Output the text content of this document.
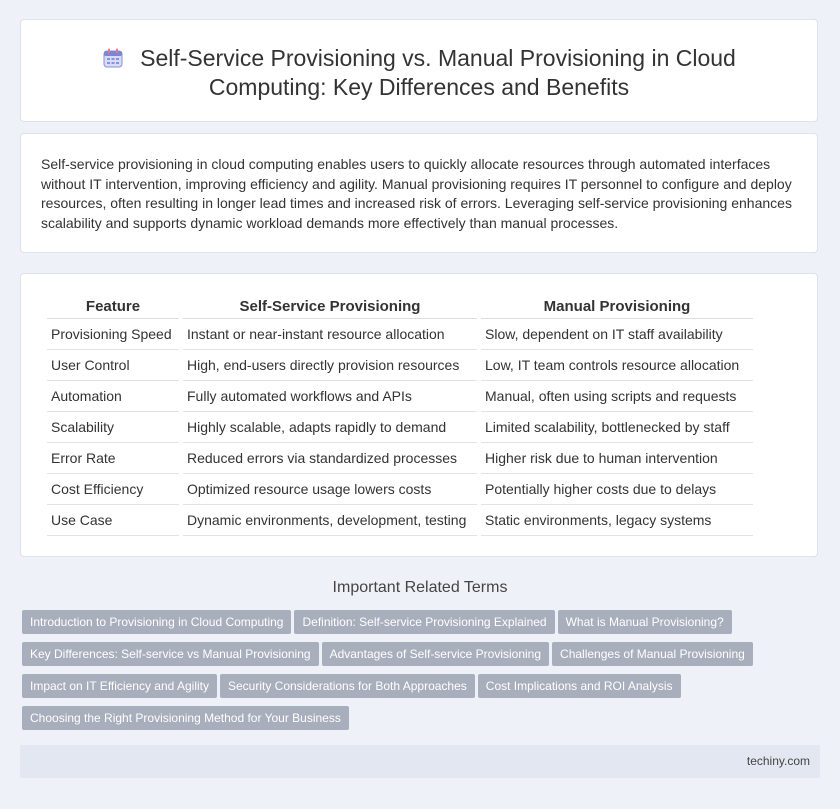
Self-Service Provisioning vs. Manual Provisioning in Cloud Computing: Key Differences and Benefits
Self-service provisioning in cloud computing enables users to quickly allocate resources through automated interfaces without IT intervention, improving efficiency and agility. Manual provisioning requires IT personnel to configure and deploy resources, often resulting in longer lead times and increased risk of errors. Leveraging self-service provisioning enhances scalability and supports dynamic workload demands more effectively than manual processes.
Feature	Self-Service Provisioning	Manual Provisioning
Provisioning Speed	Instant or near-instant resource allocation	Slow, dependent on IT staff availability
User Control	High, end-users directly provision resources	Low, IT team controls resource allocation
Automation	Fully automated workflows and APIs	Manual, often using scripts and requests
Scalability	Highly scalable, adapts rapidly to demand	Limited scalability, bottlenecked by staff
Error Rate	Reduced errors via standardized processes	Higher risk due to human intervention
Cost Efficiency	Optimized resource usage lowers costs	Potentially higher costs due to delays
Use Case	Dynamic environments, development, testing	Static environments, legacy systems
Important Related Terms
Introduction to Provisioning in Cloud Computing Definition: Self-service Provisioning Explained What is Manual Provisioning?
Key Differences: Self-service vs Manual Provisioning Advantages of Self-service Provisioning Challenges of Manual Provisioning
Impact on IT Efficiency and Agility Security Considerations for Both Approaches Cost Implications and ROI Analysis
Choosing the Right Provisioning Method for Your Business
techiny.com
